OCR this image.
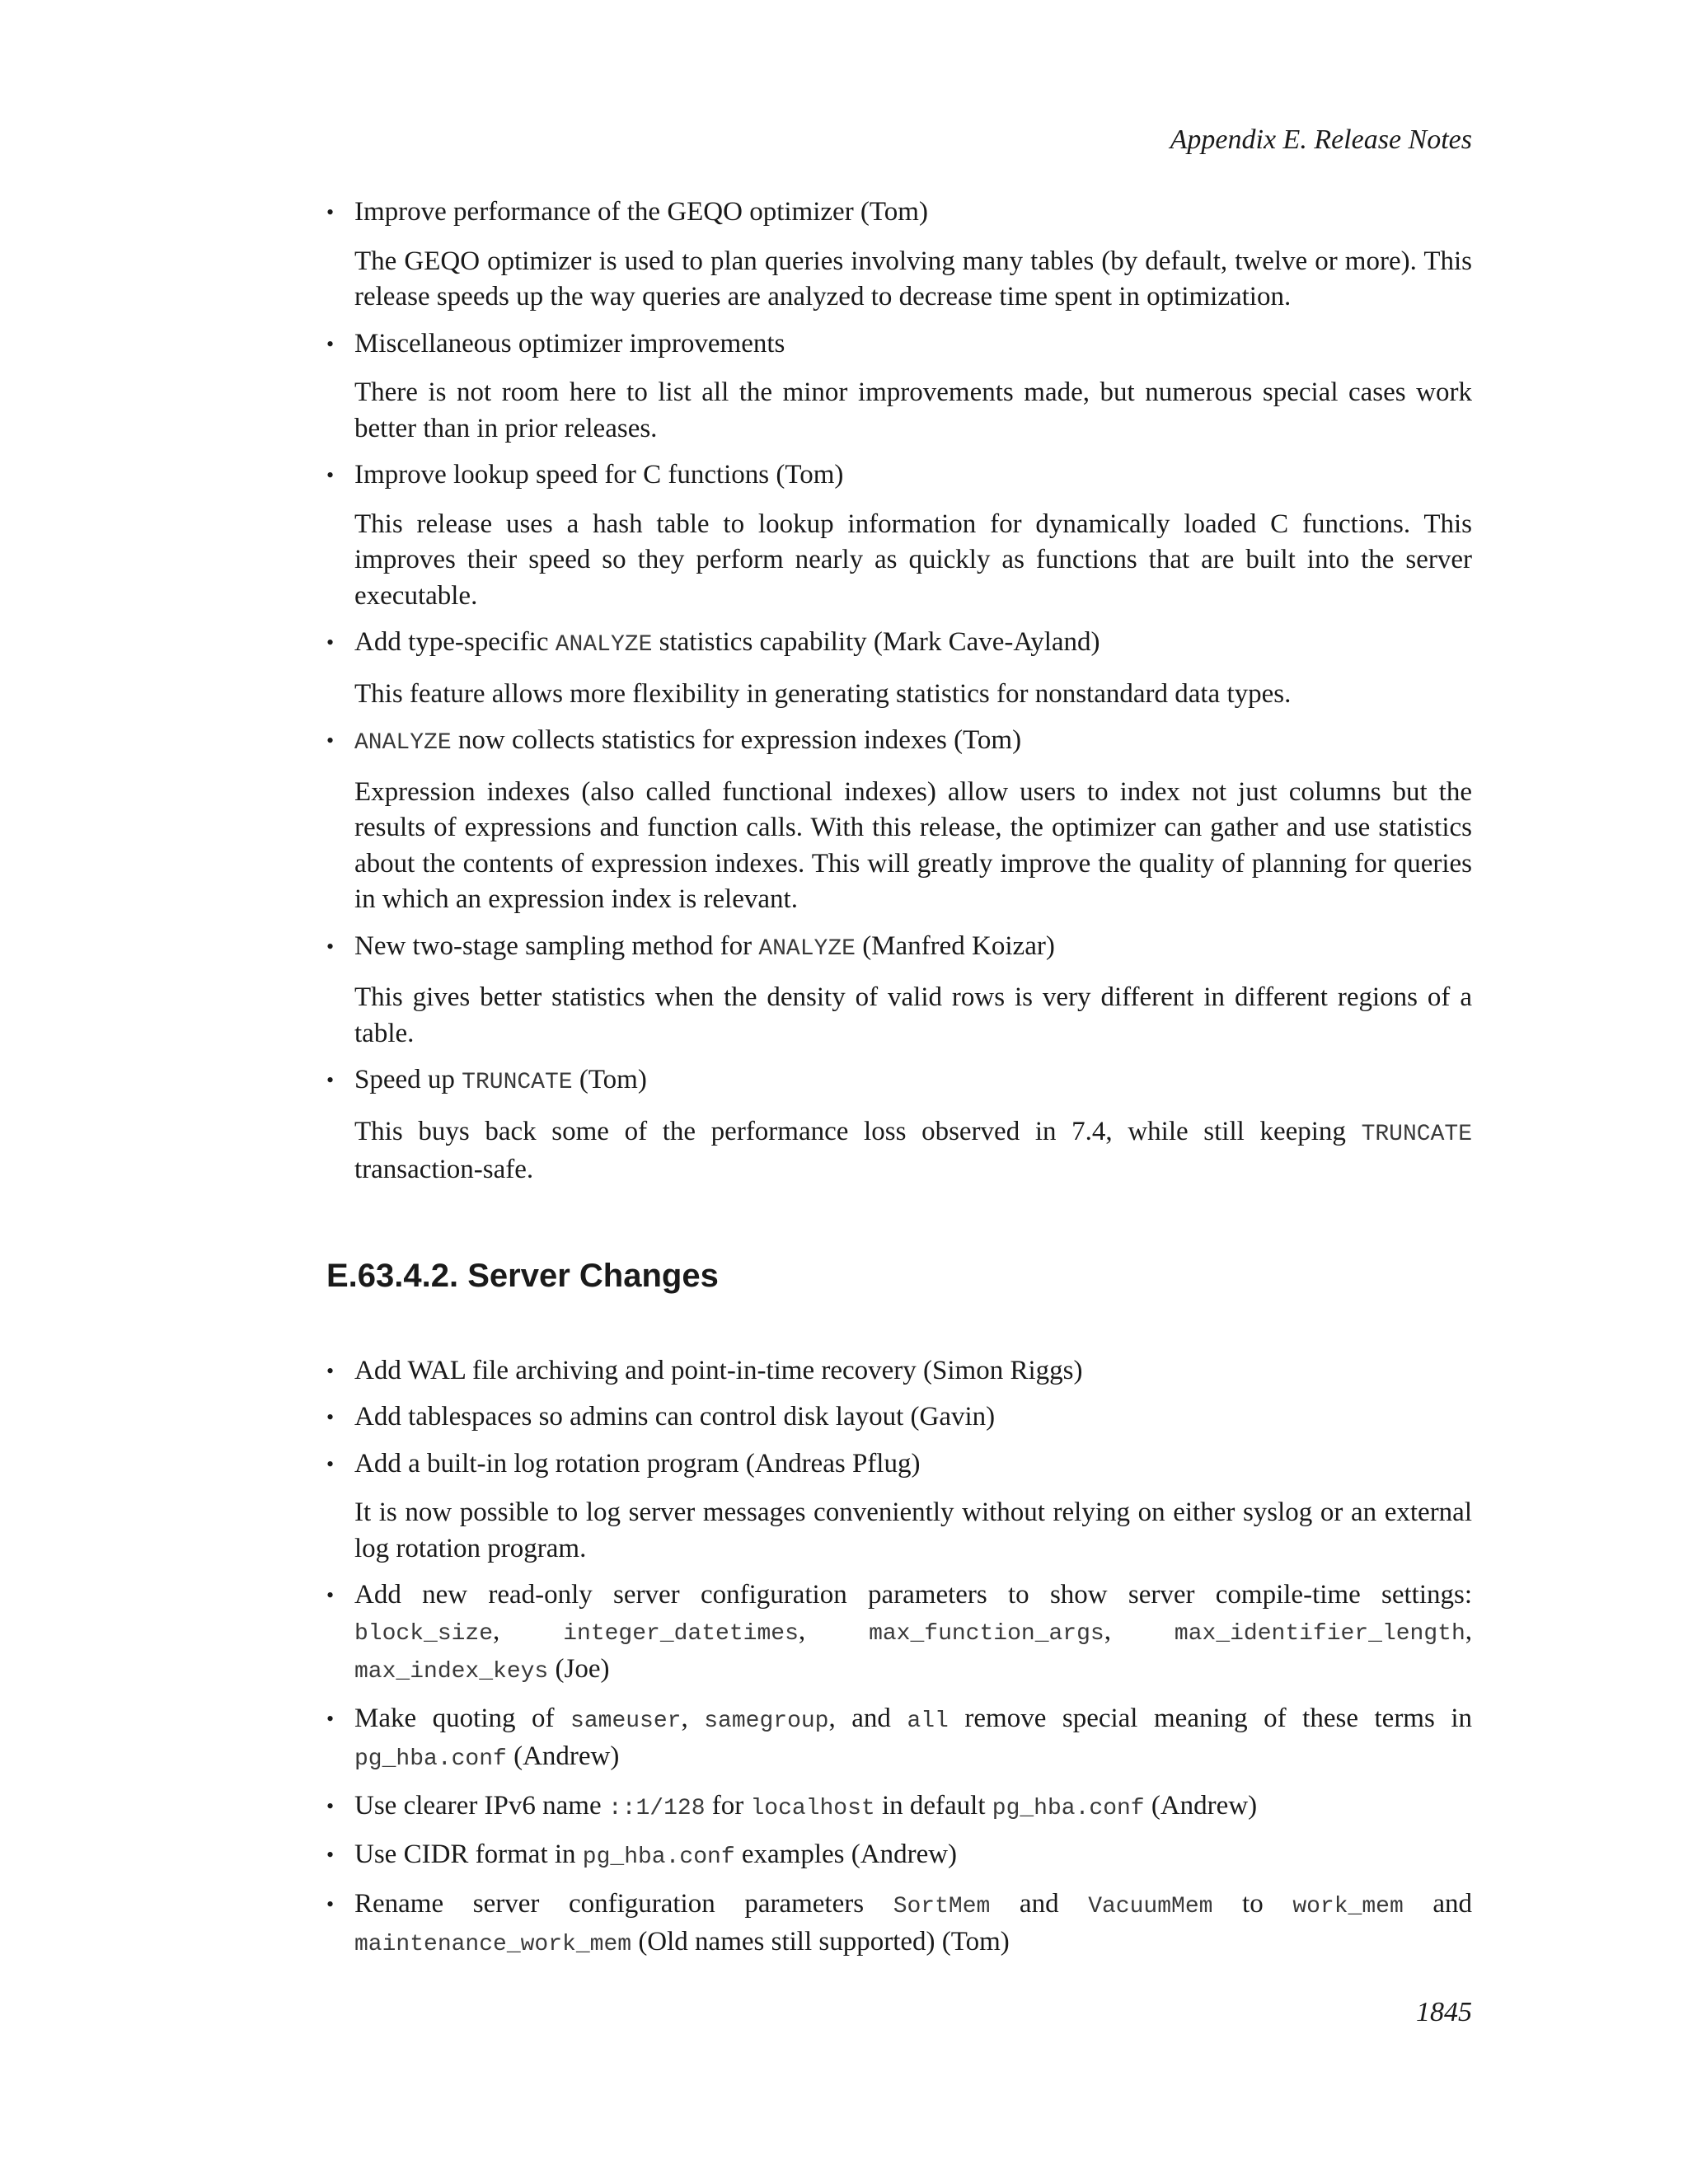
Appendix E. Release Notes
• Improve performance of the GEQO optimizer (Tom)
The GEQO optimizer is used to plan queries involving many tables (by default, twelve or more). This release speeds up the way queries are analyzed to decrease time spent in optimization.
• Miscellaneous optimizer improvements
There is not room here to list all the minor improvements made, but numerous special cases work better than in prior releases.
• Improve lookup speed for C functions (Tom)
This release uses a hash table to lookup information for dynamically loaded C functions. This improves their speed so they perform nearly as quickly as functions that are built into the server executable.
• Add type-specific ANALYZE statistics capability (Mark Cave-Ayland)
This feature allows more flexibility in generating statistics for nonstandard data types.
• ANALYZE now collects statistics for expression indexes (Tom)
Expression indexes (also called functional indexes) allow users to index not just columns but the results of expressions and function calls. With this release, the optimizer can gather and use statistics about the contents of expression indexes. This will greatly improve the quality of planning for queries in which an expression index is relevant.
• New two-stage sampling method for ANALYZE (Manfred Koizar)
This gives better statistics when the density of valid rows is very different in different regions of a table.
• Speed up TRUNCATE (Tom)
This buys back some of the performance loss observed in 7.4, while still keeping TRUNCATE transaction-safe.
E.63.4.2. Server Changes
• Add WAL file archiving and point-in-time recovery (Simon Riggs)
• Add tablespaces so admins can control disk layout (Gavin)
• Add a built-in log rotation program (Andreas Pflug)
It is now possible to log server messages conveniently without relying on either syslog or an external log rotation program.
• Add new read-only server configuration parameters to show server compile-time settings: block_size, integer_datetimes, max_function_args, max_identifier_length, max_index_keys (Joe)
• Make quoting of sameuser, samegroup, and all remove special meaning of these terms in pg_hba.conf (Andrew)
• Use clearer IPv6 name ::1/128 for localhost in default pg_hba.conf (Andrew)
• Use CIDR format in pg_hba.conf examples (Andrew)
• Rename server configuration parameters SortMem and VacuumMem to work_mem and maintenance_work_mem (Old names still supported) (Tom)
1845
